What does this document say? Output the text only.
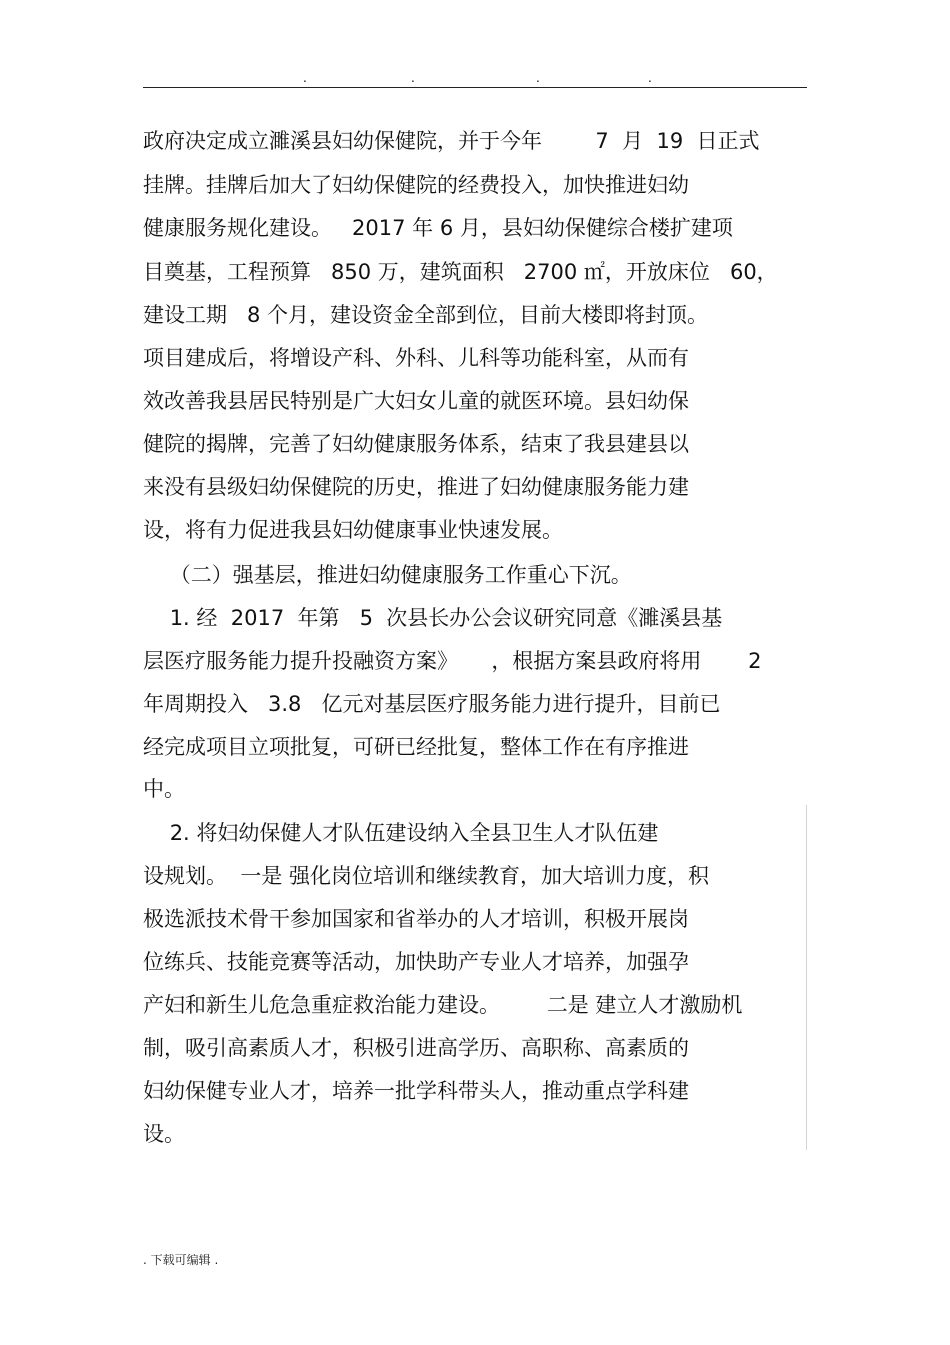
.	.	.	.
政府决定成立濉溪县妇幼保健院，并于今年        7  月  19  日正式
挂牌。挂牌后加大了妇幼保健院的经费投入，加快推进妇幼
健康服务规化建设。   2017 年 6 月，县妇幼保健综合楼扩建项
目奠基，工程预算   850 万，建筑面积   2700 ㎡，开放床位   60，
建设工期   8 个月，建设资金全部到位，目前大楼即将封顶。
项目建成后，将增设产科、外科、儿科等功能科室，从而有
效改善我县居民特别是广大妇女儿童的就医环境。县妇幼保
健院的揭牌，完善了妇幼健康服务体系，结束了我县建县以
来没有县级妇幼保健院的历史，推进了妇幼健康服务能力建
设，将有力促进我县妇幼健康事业快速发展。
（二）强基层，推进妇幼健康服务工作重心下沉。
1. 经  2017  年第   5  次县长办公会议研究同意《濉溪县基
层医疗服务能力提升投融资方案》     ，根据方案县政府将用       2
年周期投入   3.8   亿元对基层医疗服务能力进行提升，目前已
经完成项目立项批复，可研已经批复，整体工作在有序推进
中。
2. 将妇幼保健人才队伍建设纳入全县卫生人才队伍建
设规划。  一是 强化岗位培训和继续教育，加大培训力度，积
极选派技术骨干参加国家和省举办的人才培训，积极开展岗
位练兵、技能竞赛等活动，加快助产专业人才培养，加强孕
产妇和新生儿危急重症救治能力建设。       二是 建立人才激励机
制，吸引高素质人才，积极引进高学历、高职称、高素质的
妇幼保健专业人才，培养一批学科带头人，推动重点学科建
设。
. 下载可编辑 .
